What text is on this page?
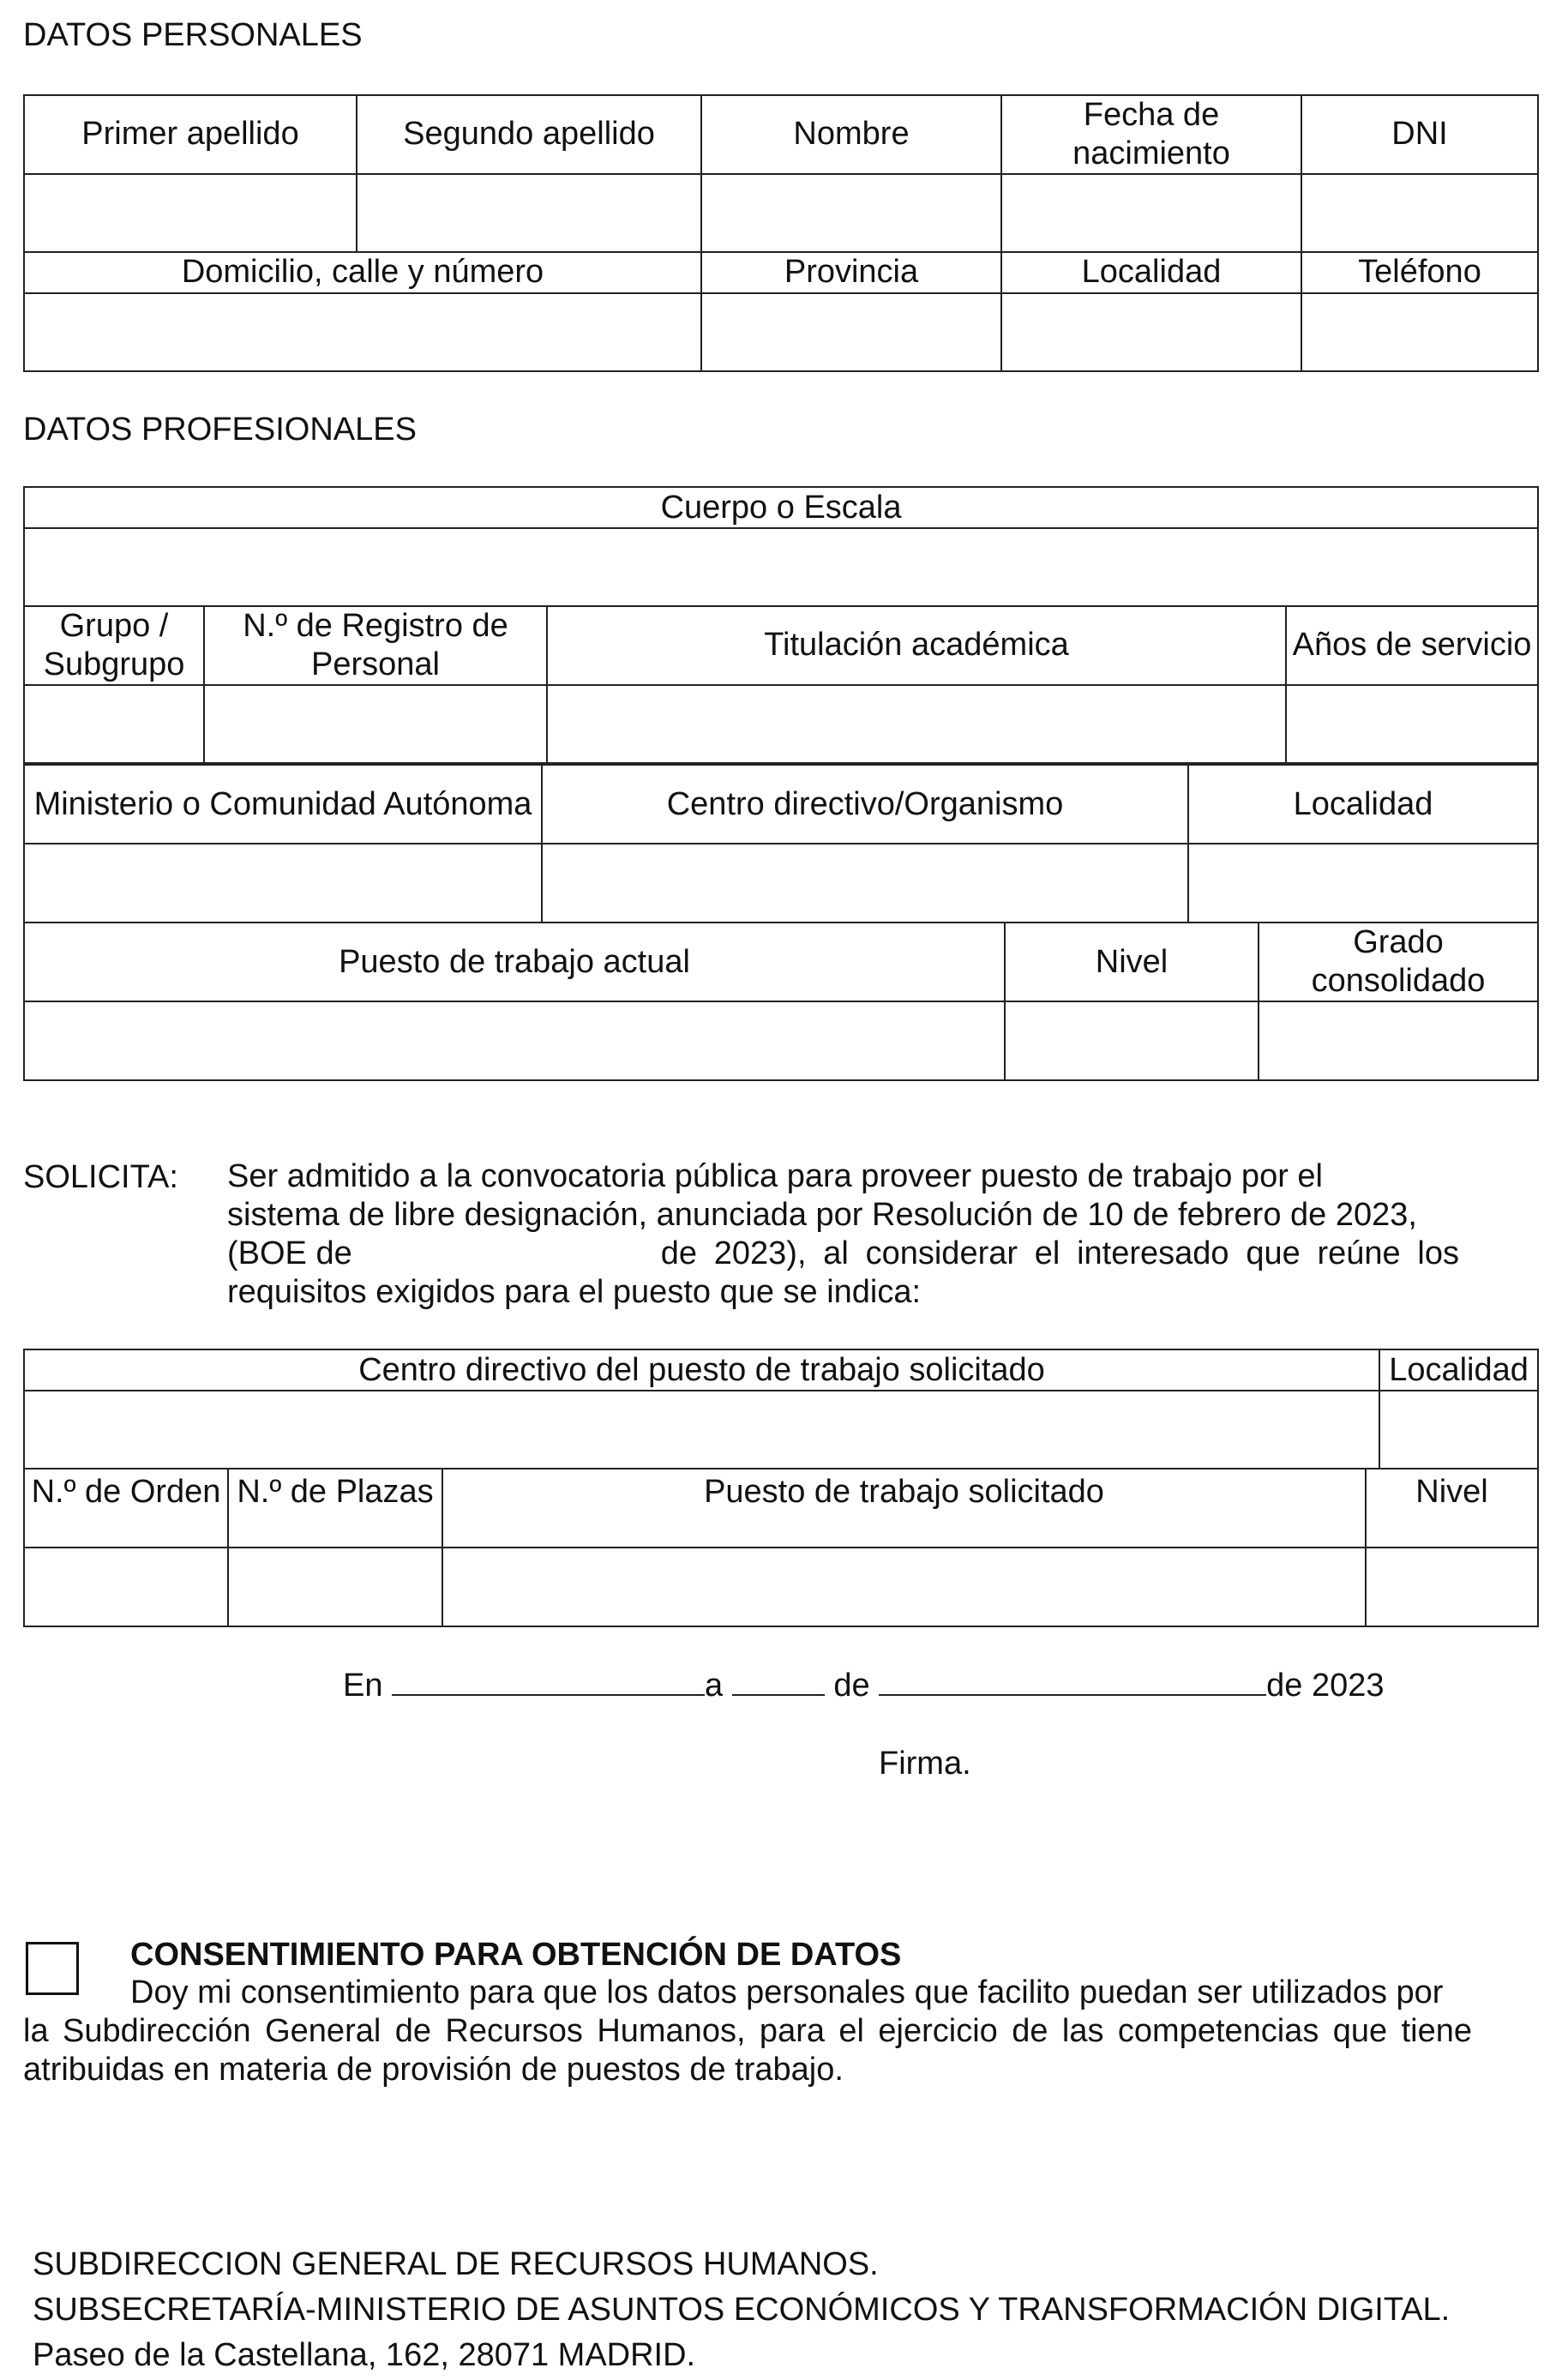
DATOS PERSONALES
Primer apellido	Segundo apellido	Nombre	Fecha de nacimiento	DNI

Domicilio, calle y número		Provincia	Localidad	Teléfono

DATOS PROFESIONALES
Cuerpo o Escala			

Grupo / Subgrupo	N.º de Registro de Personal	Titulación académica	Años de servicio

Ministerio o Comunidad Autónoma	Centro directivo/Organismo	Localidad

Puesto de trabajo actual	Nivel	Grado consolidado

SOLICITA: Ser admitido a la convocatoria pública para proveer puesto de trabajo por el
sistema de libre designación, anunciada por Resolución de 10 de febrero de 2023,
(BOE de	de 2023), al considerar el interesado que reúne los
requisitos exigidos para el puesto que se indica:
Centro directivo del puesto de trabajo solicitado	Localidad

N.º de Orden	N.º de Plazas	Puesto de trabajo solicitado	Nivel

En	a	de	de 2023
Firma.
CONSENTIMIENTO PARA OBTENCIÓN DE DATOS
Doy mi consentimiento para que los datos personales que facilito puedan ser utilizados por
la Subdirección General de Recursos Humanos, para el ejercicio de las competencias que tiene
atribuidas en materia de provisión de puestos de trabajo.
SUBDIRECCION GENERAL DE RECURSOS HUMANOS.
SUBSECRETARÍA-MINISTERIO DE ASUNTOS ECONÓMICOS Y TRANSFORMACIÓN DIGITAL.
Paseo de la Castellana, 162, 28071 MADRID.
